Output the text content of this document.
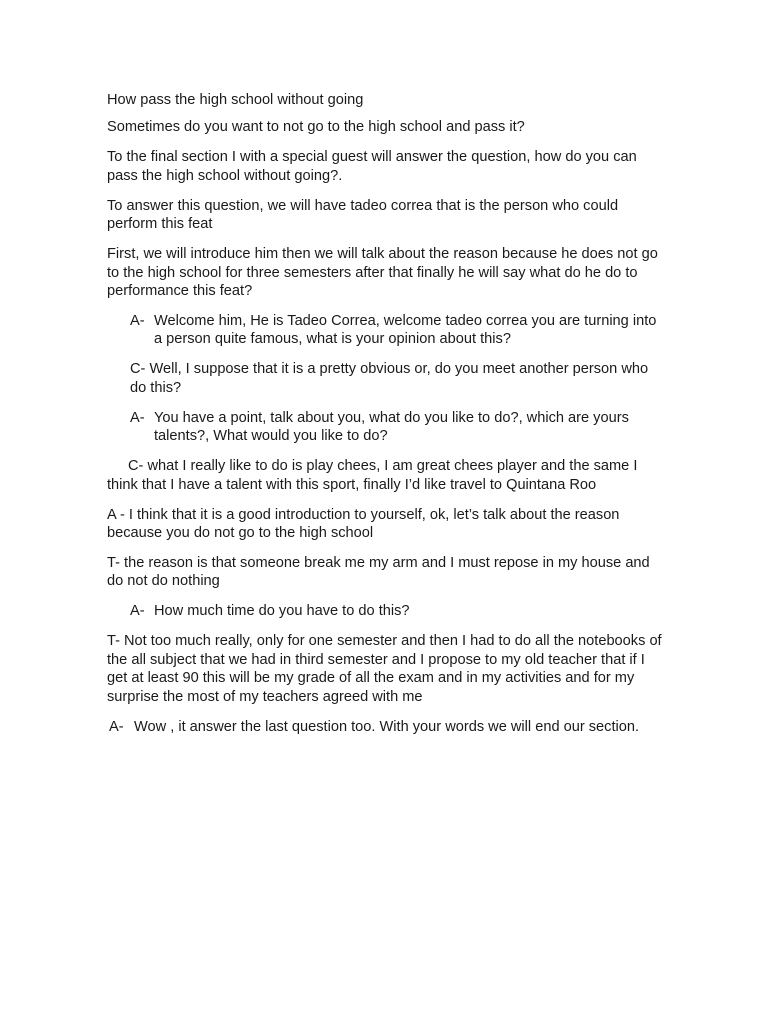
How pass the high school without going

Sometimes do you want to not go to the high school and pass it?

To the final section I with a special guest will answer the question, how do you can pass the high school without going?.

To answer this question, we will have tadeo correa that is the person who could perform this feat

First, we will introduce him then we will talk about the reason because he does not go to the high school for three semesters after that finally he will say what do he do to performance this feat?

A- Welcome him, He is Tadeo Correa, welcome tadeo correa you are turning into a person quite famous, what is your opinion about this?

C- Well, I suppose that it is a pretty obvious or, do you meet another person who do this?

A- You have a point, talk about you, what do you like to do?, which are yours talents?, What would you like to do?

C- what I really like to do is play chees, I am great chees player and the same I think that I have a talent with this sport, finally I’d like travel to Quintana Roo

A - I think that it is a good introduction to yourself, ok, let’s talk about the reason because you do not go to the high school

T- the reason is that someone break me my arm and I must repose in my house and do not do nothing

A- How much time do you have to do this?

T- Not too much really, only for one semester and then I had to do all the notebooks of the all subject that we had in third semester and I propose to my old teacher that if I get at least 90 this will be my grade of all the exam and in my activities and for my surprise the most of my teachers agreed with me

A- Wow , it answer the last question too. With your words we will end our section.
